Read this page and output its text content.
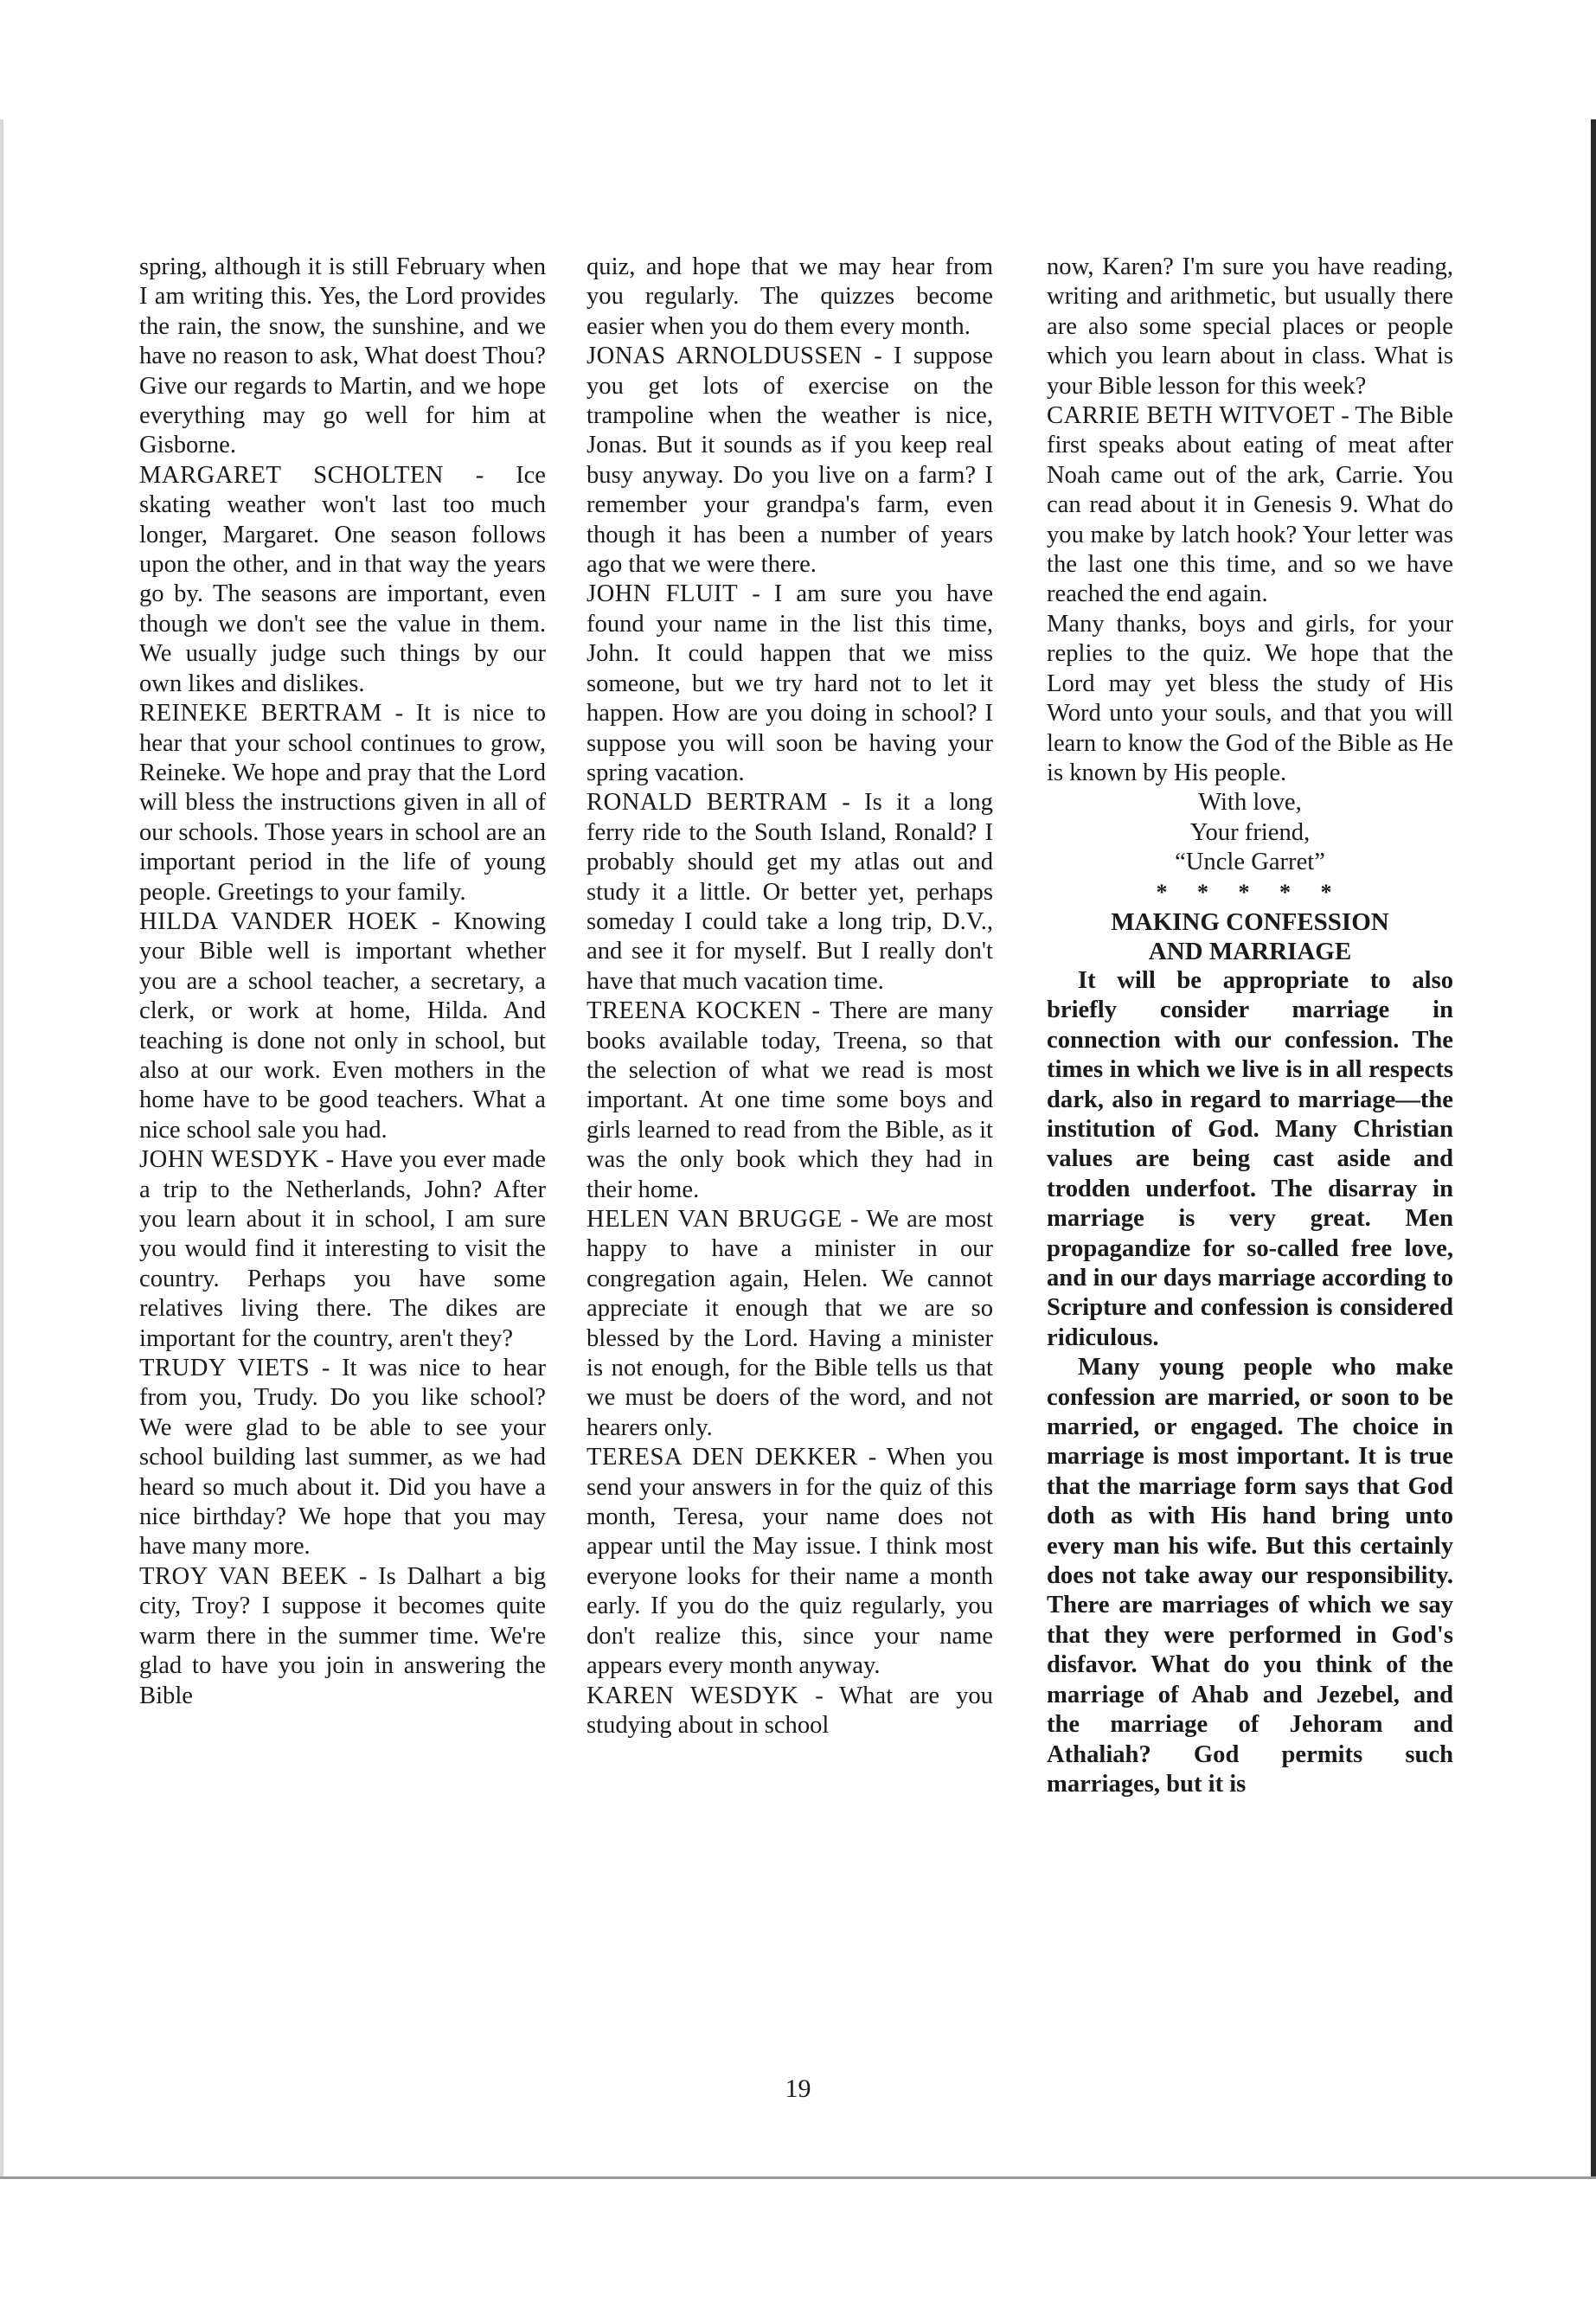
spring, although it is still February when I am writing this. Yes, the Lord provides the rain, the snow, the sunshine, and we have no reason to ask, What doest Thou? Give our regards to Martin, and we hope everything may go well for him at Gisborne.

MARGARET SCHOLTEN - Ice skating weather won't last too much longer, Margaret. One season follows upon the other, and in that way the years go by. The seasons are important, even though we don't see the value in them. We usually judge such things by our own likes and dislikes.

REINEKE BERTRAM - It is nice to hear that your school continues to grow, Reineke. We hope and pray that the Lord will bless the instructions given in all of our schools. Those years in school are an important period in the life of young people. Greetings to your family.

HILDA VANDER HOEK - Knowing your Bible well is important whether you are a school teacher, a secretary, a clerk, or work at home, Hilda. And teaching is done not only in school, but also at our work. Even mothers in the home have to be good teachers. What a nice school sale you had.

JOHN WESDYK - Have you ever made a trip to the Netherlands, John? After you learn about it in school, I am sure you would find it interesting to visit the country. Perhaps you have some relatives living there. The dikes are important for the country, aren't they?

TRUDY VIETS - It was nice to hear from you, Trudy. Do you like school? We were glad to be able to see your school building last summer, as we had heard so much about it. Did you have a nice birthday? We hope that you may have many more.

TROY VAN BEEK - Is Dalhart a big city, Troy? I suppose it becomes quite warm there in the summer time. We're glad to have you join in answering the Bible

quiz, and hope that we may hear from you regularly. The quizzes become easier when you do them every month.

JONAS ARNOLDUSSEN - I suppose you get lots of exercise on the trampoline when the weather is nice, Jonas. But it sounds as if you keep real busy anyway. Do you live on a farm? I remember your grandpa's farm, even though it has been a number of years ago that we were there.

JOHN FLUIT - I am sure you have found your name in the list this time, John. It could happen that we miss someone, but we try hard not to let it happen. How are you doing in school? I suppose you will soon be having your spring vacation.

RONALD BERTRAM - Is it a long ferry ride to the South Island, Ronald? I probably should get my atlas out and study it a little. Or better yet, perhaps someday I could take a long trip, D.V., and see it for myself. But I really don't have that much vacation time.

TREENA KOCKEN - There are many books available today, Treena, so that the selection of what we read is most important. At one time some boys and girls learned to read from the Bible, as it was the only book which they had in their home.

HELEN VAN BRUGGE - We are most happy to have a minister in our congregation again, Helen. We cannot appreciate it enough that we are so blessed by the Lord. Having a minister is not enough, for the Bible tells us that we must be doers of the word, and not hearers only.

TERESA DEN DEKKER - When you send your answers in for the quiz of this month, Teresa, your name does not appear until the May issue. I think most everyone looks for their name a month early. If you do the quiz regularly, you don't realize this, since your name appears every month anyway.

KAREN WESDYK - What are you studying about in school

now, Karen? I'm sure you have reading, writing and arithmetic, but usually there are also some special places or people which you learn about in class. What is your Bible lesson for this week?

CARRIE BETH WITVOET - The Bible first speaks about eating of meat after Noah came out of the ark, Carrie. You can read about it in Genesis 9. What do you make by latch hook? Your letter was the last one this time, and so we have reached the end again.

Many thanks, boys and girls, for your replies to the quiz. We hope that the Lord may yet bless the study of His Word unto your souls, and that you will learn to know the God of the Bible as He is known by His people.

With love,

Your friend,

“Uncle Garret”

* * * * *

MAKING CONFESSION

AND MARRIAGE

It will be appropriate to also briefly consider marriage in connection with our confession. The times in which we live is in all respects dark, also in regard to marriage—the institution of God. Many Christian values are being cast aside and trodden underfoot. The disarray in marriage is very great. Men propagandize for so-called free love, and in our days marriage according to Scripture and confession is considered ridiculous.

Many young people who make confession are married, or soon to be married, or engaged. The choice in marriage is most important. It is true that the marriage form says that God doth as with His hand bring unto every man his wife. But this certainly does not take away our responsibility. There are marriages of which we say that they were performed in God's disfavor. What do you think of the marriage of Ahab and Jezebel, and the marriage of Jehoram and Athaliah? God permits such marriages, but it is

19
